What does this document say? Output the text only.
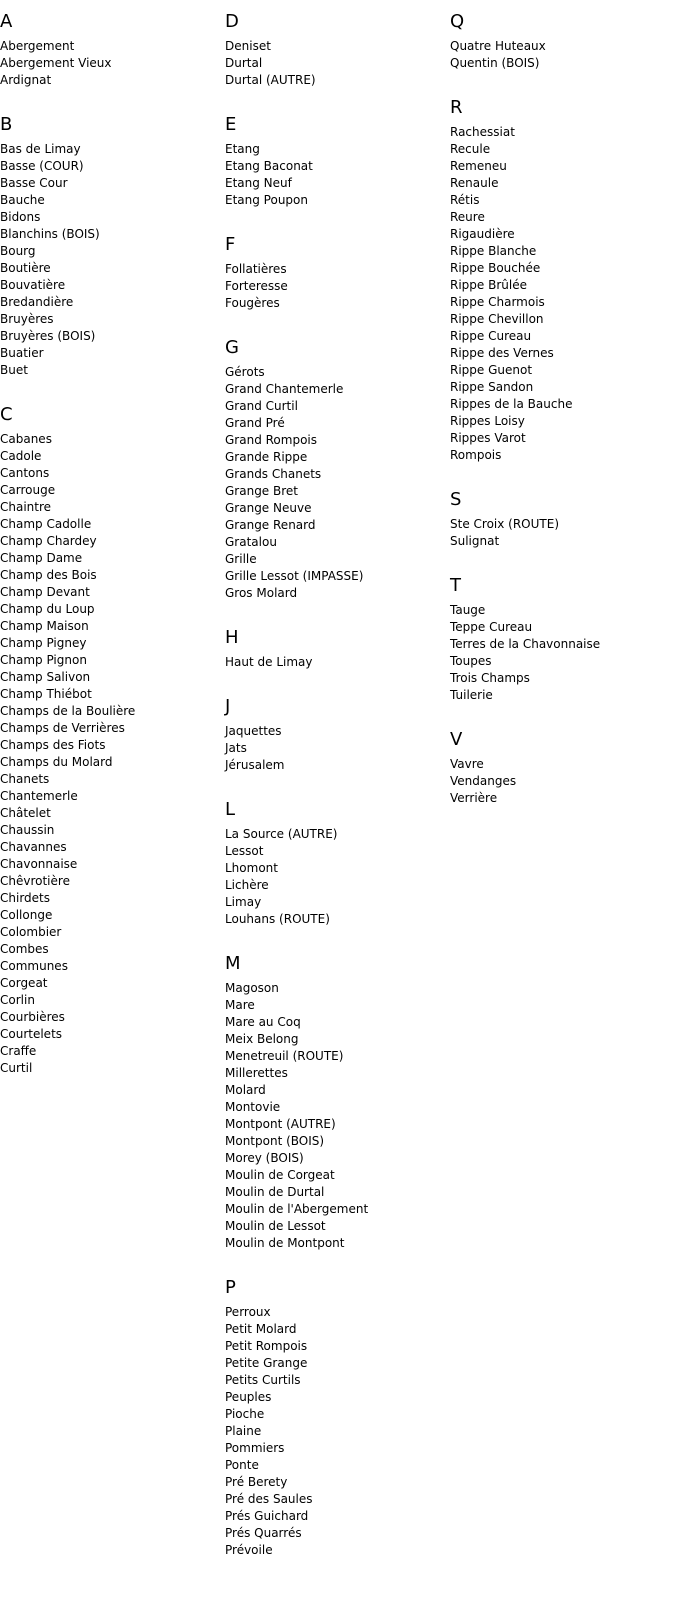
A
Abergement
Abergement Vieux
Ardignat
B
Bas de Limay
Basse (COUR)
Basse Cour
Bauche
Bidons
Blanchins (BOIS)
Bourg
Boutière
Bouvatière
Bredandière
Bruyères
Bruyères (BOIS)
Buatier
Buet
C
Cabanes
Cadole
Cantons
Carrouge
Chaintre
Champ Cadolle
Champ Chardey
Champ Dame
Champ des Bois
Champ Devant
Champ du Loup
Champ Maison
Champ Pigney
Champ Pignon
Champ Salivon
Champ Thiébot
Champs de la Boulière
Champs de Verrières
Champs des Fiots
Champs du Molard
Chanets
Chantemerle
Châtelet
Chaussin
Chavannes
Chavonnaise
Chêvrotière
Chirdets
Collonge
Colombier
Combes
Communes
Corgeat
Corlin
Courbières
Courtelets
Craffe
Curtil
D
Deniset
Durtal
Durtal (AUTRE)
E
Etang
Etang Baconat
Etang Neuf
Etang Poupon
F
Follatières
Forteresse
Fougères
G
Gérots
Grand Chantemerle
Grand Curtil
Grand Pré
Grand Rompois
Grande Rippe
Grands Chanets
Grange Bret
Grange Neuve
Grange Renard
Gratalou
Grille
Grille Lessot (IMPASSE)
Gros Molard
H
Haut de Limay
J
Jaquettes
Jats
Jérusalem
L
La Source (AUTRE)
Lessot
Lhomont
Lichère
Limay
Louhans (ROUTE)
M
Magoson
Mare
Mare au Coq
Meix Belong
Menetreuil (ROUTE)
Millerettes
Molard
Montovie
Montpont (AUTRE)
Montpont (BOIS)
Morey (BOIS)
Moulin de Corgeat
Moulin de Durtal
Moulin de l'Abergement
Moulin de Lessot
Moulin de Montpont
P
Perroux
Petit Molard
Petit Rompois
Petite Grange
Petits Curtils
Peuples
Pioche
Plaine
Pommiers
Ponte
Pré Berety
Pré des Saules
Prés Guichard
Prés Quarrés
Prévoile
Q
Quatre Huteaux
Quentin (BOIS)
R
Rachessiat
Recule
Remeneu
Renaule
Rétis
Reure
Rigaudière
Rippe Blanche
Rippe Bouchée
Rippe Brûlée
Rippe Charmois
Rippe Chevillon
Rippe Cureau
Rippe des Vernes
Rippe Guenot
Rippe Sandon
Rippes de la Bauche
Rippes Loisy
Rippes Varot
Rompois
S
Ste Croix (ROUTE)
Sulignat
T
Tauge
Teppe Cureau
Terres de la Chavonnaise
Toupes
Trois Champs
Tuilerie
V
Vavre
Vendanges
Verrière
